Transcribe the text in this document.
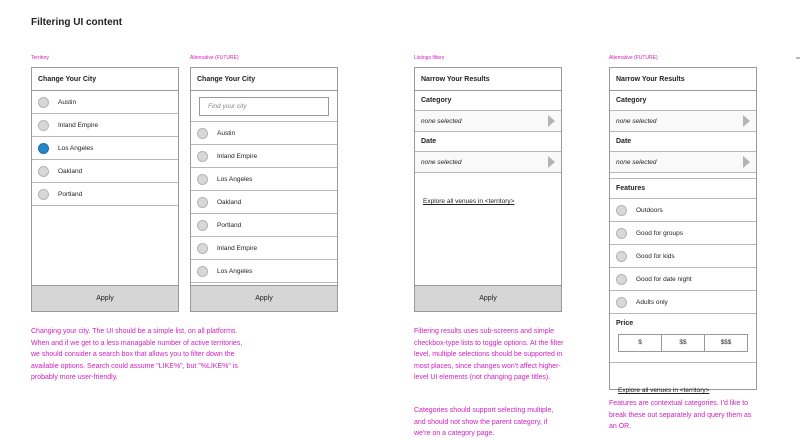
Filtering UI content
Territory	Alternative (FUTURE)	Listings filters	Alternative (FUTURE)
Change Your City
Austin
Inland Empire
Los Angeles
Oakland
Portland
Apply
Change Your City
Find your city
Austin
Inland Empire
Los Angeles
Oakland
Portland
Inland Empire
Los Angeles
Apply
Narrow Your Results
Category
none selected
Date
none selected
Explore all venues in <territory>
Apply
Narrow Your Results
Category
none selected
Date
none selected
Features
Outdoors
Good for groups
Good for kids
Good for date night
Adults only
Price
$	$$	$$$
Explore all venues in <territory>
Changing your city. The UI should be a simple list, on all platforms. When and if we get to a less managable number of active territories, we should consider a search box that allows you to filter down the available options. Search could assume "LIKE%", but "%LIKE%" is probably more user-friendly.
Filtering results uses sub-screens and simple checkbox-type lists to toggle options. At the filter level, multiple selections should be supported in most places, since changes won't affect higher-level UI elements (not changing page titles).
Categories should support selecting multiple, and should not show the parent category, if we're on a category page.
Features are contextual categories. I'd like to break these out separately and query them as an OR.
